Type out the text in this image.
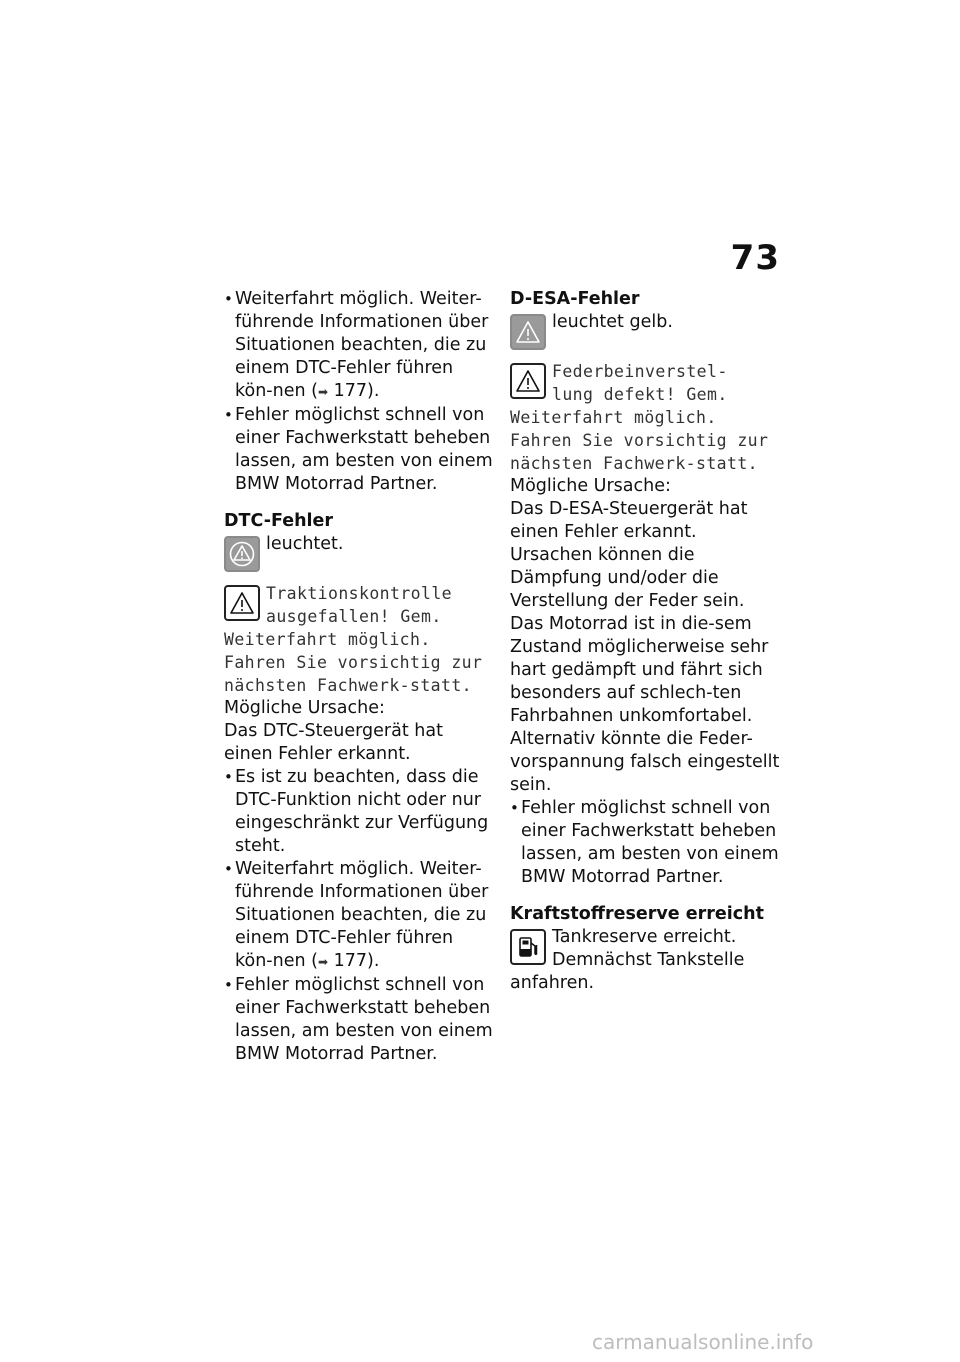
73
• Weiterfahrt möglich. Weiter-führende Informationen über Situationen beachten, die zu einem DTC-Fehler führen kön-nen (➡ 177).
• Fehler möglichst schnell von einer Fachwerkstatt beheben lassen, am besten von einem BMW Motorrad Partner.
DTC-Fehler
leuchtet.
Traktionskontrolle
ausgefallen! Gem.
Weiterfahrt möglich. Fahren Sie vorsichtig zur nächsten Fachwerk-statt.
Mögliche Ursache:
Das DTC-Steuergerät hat einen Fehler erkannt.
• Es ist zu beachten, dass die DTC-Funktion nicht oder nur eingeschränkt zur Verfügung steht.
• Weiterfahrt möglich. Weiter-führende Informationen über Situationen beachten, die zu einem DTC-Fehler führen kön-nen (➡ 177).
• Fehler möglichst schnell von einer Fachwerkstatt beheben lassen, am besten von einem BMW Motorrad Partner.
D-ESA-Fehler
leuchtet gelb.
Federbeinverstel-
lung defekt! Gem.
Weiterfahrt möglich. Fahren Sie vorsichtig zur nächsten Fachwerk-statt.
Mögliche Ursache:
Das D-ESA-Steuergerät hat einen Fehler erkannt. Ursachen können die Dämpfung und/oder die Verstellung der Feder sein. Das Motorrad ist in die-sem Zustand möglicherweise sehr hart gedämpft und fährt sich besonders auf schlech-ten Fahrbahnen unkomfortabel. Alternativ könnte die Feder-vorspannung falsch eingestellt sein.
• Fehler möglichst schnell von einer Fachwerkstatt beheben lassen, am besten von einem BMW Motorrad Partner.
Kraftstoffreserve erreicht
Tankreserve erreicht.
Demnächst Tankstelle
anfahren.
carmanualsonline.info
